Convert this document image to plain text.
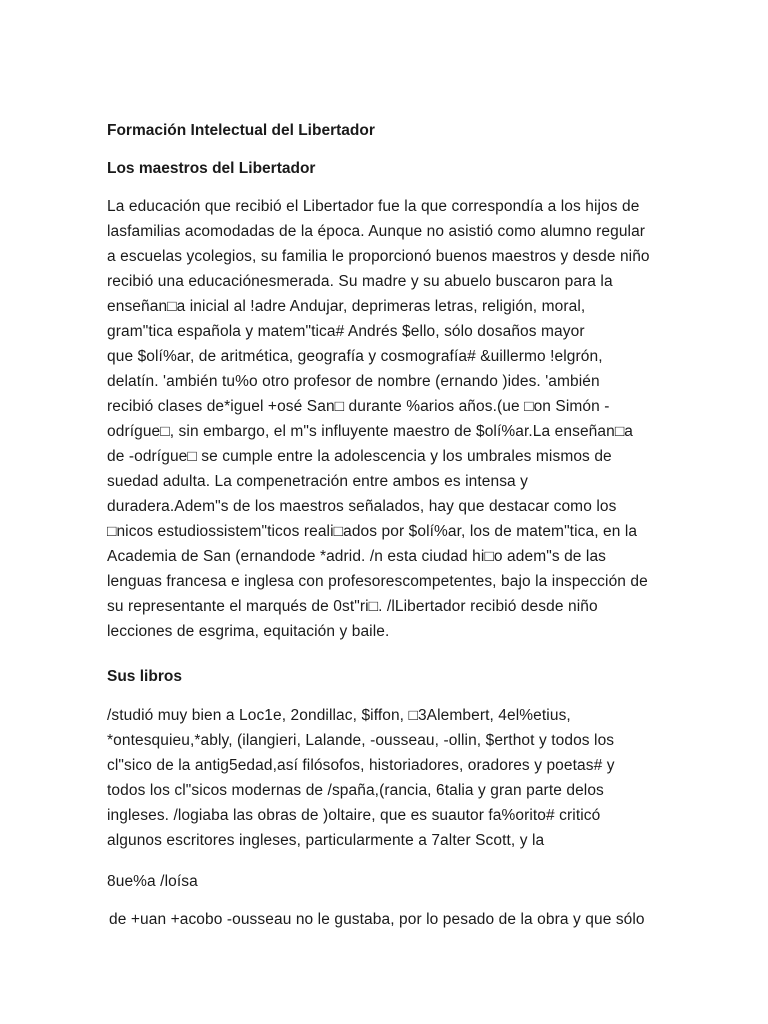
Formación Intelectual del Libertador
Los maestros del Libertador
La educación que recibió el Libertador fue la que correspondía a los hijos de
lasfamilias acomodadas de la época. Aunque no asistió como alumno regular
a escuelas ycolegios, su familia le proporcionó buenos maestros y desde niño
recibió una educaciónesmerada. Su madre y su abuelo buscaron para la
enseñan□a inicial al !adre Andujar, deprimeras letras, religión, moral,
gram"tica española y matem"tica# Andrés $ello, sólo dosaños mayor
que $olí%ar, de aritmética, geografía y cosmografía# &uillermo !elgrón,
delatín. 'ambién tu%o otro profesor de nombre (ernando )ides. 'ambién
recibió clases de*iguel +osé San□ durante %arios años.(ue □on Simón -
odrígue□, sin embargo, el m"s influyente maestro de $olí%ar.La enseñan□a
de -odrígue□ se cumple entre la adolescencia y los umbrales mismos de
suedad adulta. La compenetración entre ambos es intensa y
duradera.Adem"s de los maestros señalados, hay que destacar como los
□nicos estudiossistem"ticos reali□ados por $olí%ar, los de matem"tica, en la
Academia de San (ernandode *adrid. /n esta ciudad hi□o adem"s de las
lenguas francesa e inglesa con profesorescompetentes, bajo la inspección de
su representante el marqués de 0st"ri□. /lLibertador recibió desde niño
lecciones de esgrima, equitación y baile.
Sus libros
/studió muy bien a Loc1e, 2ondillac, $iffon, □3Alembert, 4el%etius,
*ontesquieu,*ably, (ilangieri, Lalande, -ousseau, -ollin, $erthot y todos los
cl"sico de la antig5edad,así filósofos, historiadores, oradores y poetas# y
todos los cl"sicos modernas de /spaña,(rancia, 6talia y gran parte delos
ingleses. /logiaba las obras de )oltaire, que es suautor fa%orito# criticó
algunos escritores ingleses, particularmente a 7alter Scott, y la
8ue%a /loísa
de +uan +acobo -ousseau no le gustaba, por lo pesado de la obra y que sólo
